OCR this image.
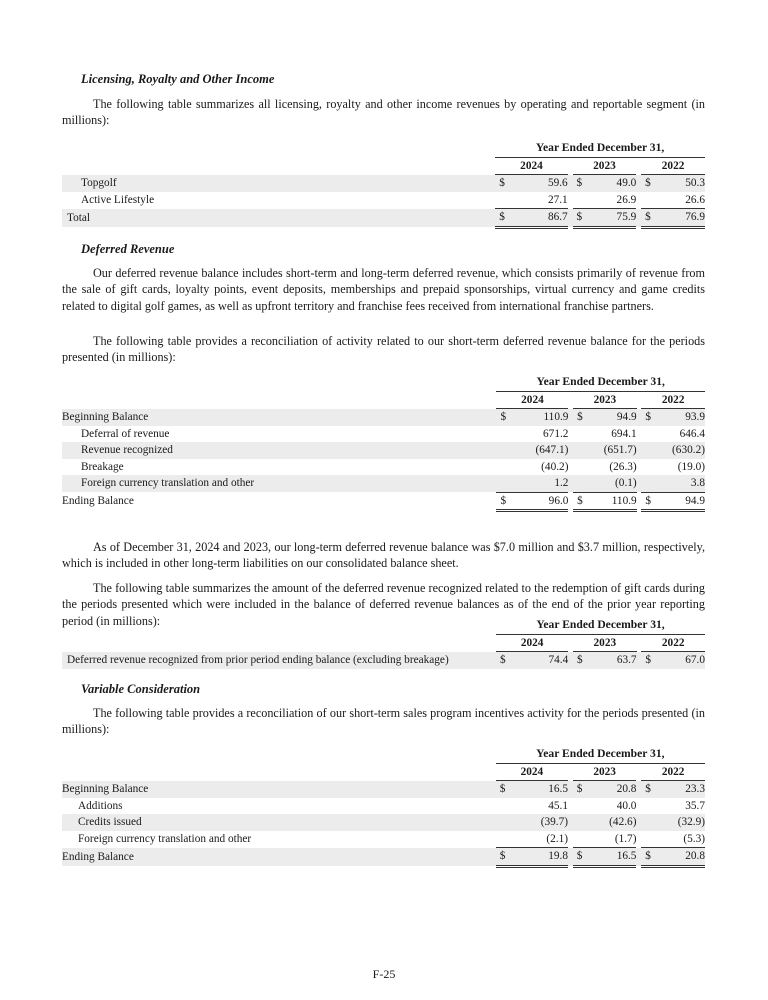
Licensing, Royalty and Other Income

The following table summarizes all licensing, royalty and other income revenues by operating and reportable segment (in millions):

	Year Ended December 31,							
	2024			2023			2022	
Topgolf	$	59.6		$	49.0		$	50.3
Active Lifestyle		27.1			26.9			26.6
Total	$	86.7		$	75.9		$	76.9
Deferred Revenue

Our deferred revenue balance includes short-term and long-term deferred revenue, which consists primarily of revenue from the sale of gift cards, loyalty points, event deposits, memberships and prepaid sponsorships, virtual currency and game credits related to digital golf games, as well as upfront territory and franchise fees received from international franchise partners.

The following table provides a reconciliation of activity related to our short-term deferred revenue balance for the periods presented (in millions):

	Year Ended December 31,							
	2024			2023			2022	
Beginning Balance	$	110.9		$	94.9		$	93.9
Deferral of revenue		671.2			694.1			646.4
Revenue recognized		(647.1)			(651.7)			(630.2)
Breakage		(40.2)			(26.3)			(19.0)
Foreign currency translation and other		1.2			(0.1)			3.8
Ending Balance	$	96.0		$	110.9		$	94.9

As of December 31, 2024 and 2023, our long-term deferred revenue balance was $7.0 million and $3.7 million, respectively, which is included in other long-term liabilities on our consolidated balance sheet.

The following table summarizes the amount of the deferred revenue recognized related to the redemption of gift cards during the periods presented which were included in the balance of deferred revenue balances as of the end of the prior year reporting period (in millions):

		Year Ended December 31,							
	2024			2023			2022	
Deferred revenue recognized from prior period ending balance (excluding breakage)	$	74.4		$	63.7		$	67.0
Variable Consideration

The following table provides a reconciliation of our short-term sales program incentives activity for the periods presented (in millions):

	Year Ended December 31,							
	2024			2023			2022	
Beginning Balance	$	16.5		$	20.8		$	23.3
Additions		45.1			40.0			35.7
Credits issued		(39.7)			(42.6)			(32.9)
Foreign currency translation and other		(2.1)			(1.7)			(5.3)
Ending Balance	$	19.8		$	16.5		$	20.8
F-25
